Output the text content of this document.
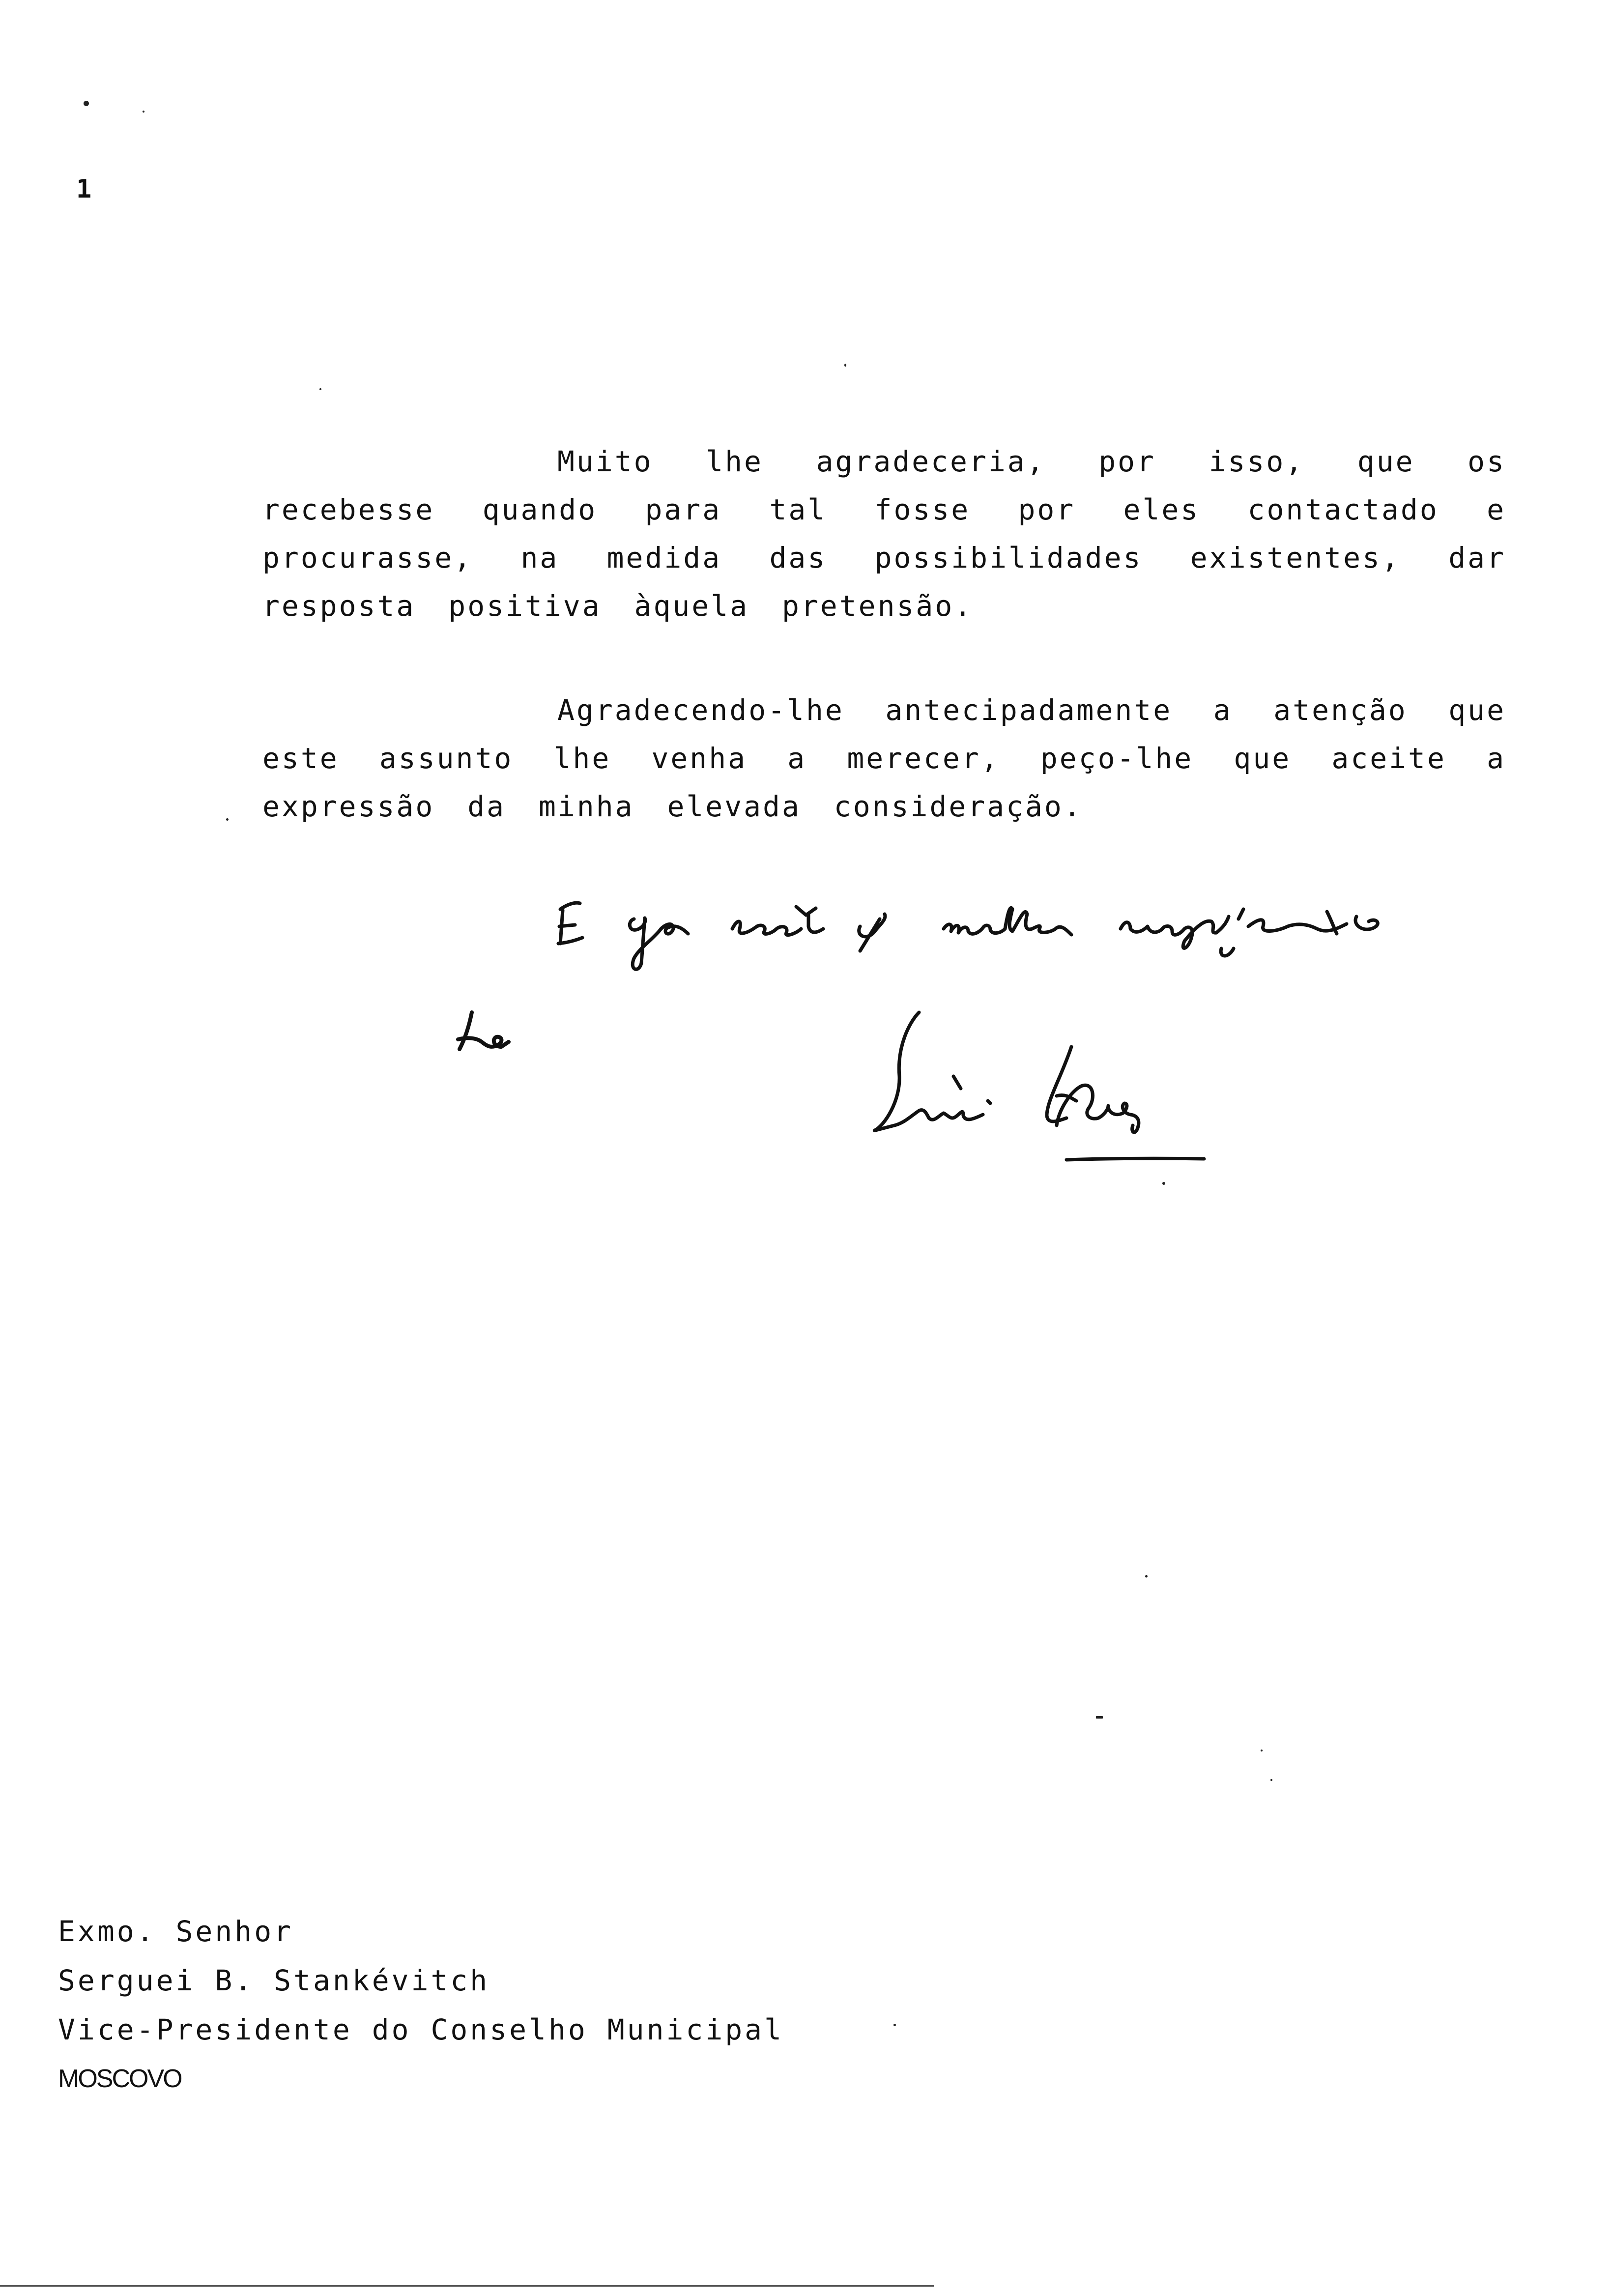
1

Muito lhe agradeceria, por isso, que os recebesse quando para tal fosse por eles contactado e procurasse, na medida das possibilidades existentes, dar resposta positiva àquela pretensão.

Agradecendo-lhe antecipadamente a atenção que este assunto lhe venha a merecer, peço-lhe que aceite a expressão da minha elevada consideração.

Exmo. Senhor
Serguei B. Stankévitch
Vice-Presidente do Conselho Municipal
MOSCOVO
